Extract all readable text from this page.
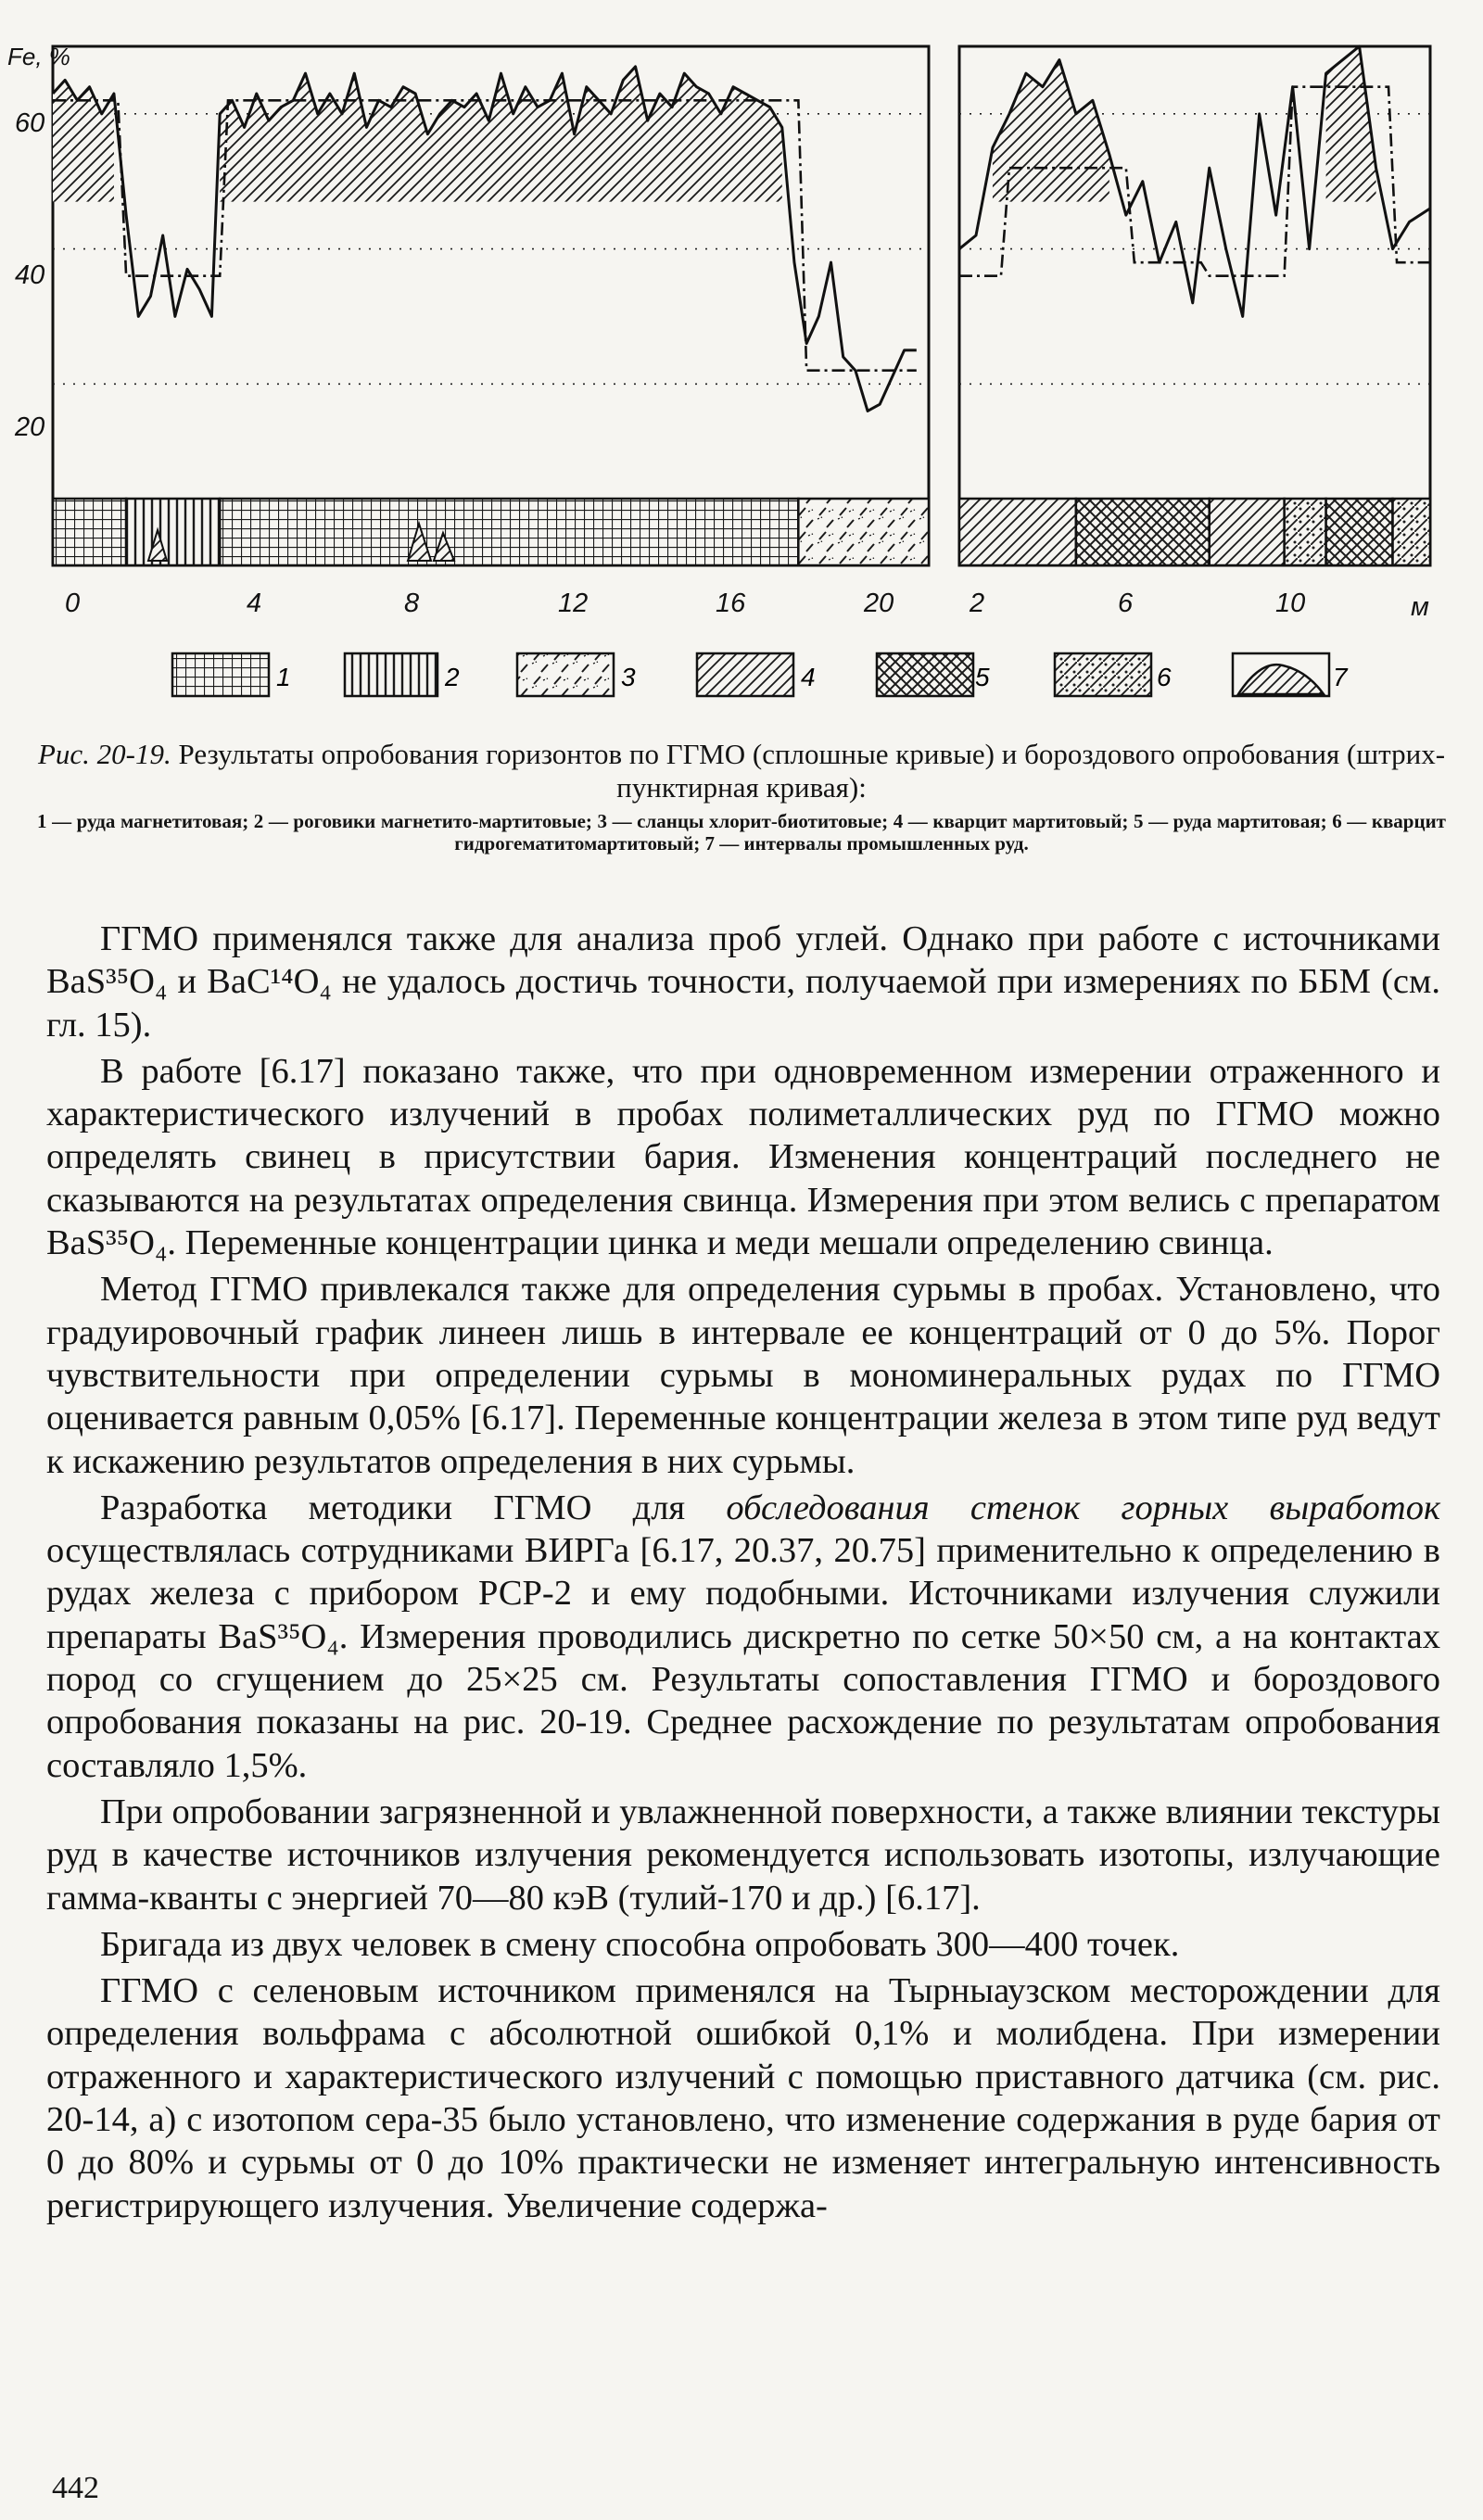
Fe, %
60
40
20
0	4	8	12	16	20	2	6	10	м
1	2	3	4	5	6	7

Рис. 20-19. Результаты опробования горизонтов по ГГМО (сплошные кривые) и бороздового опробования (штрих-пунктирная кривая):

1 — руда магнетитовая; 2 — роговики магнетито-мартитовые; 3 — сланцы хлорит-биотитовые; 4 — кварцит мартитовый; 5 — руда мартитовая; 6 — кварцит гидрогематитомартитовый; 7 — интервалы промышленных руд.

ГГМО применялся также для анализа проб углей. Однако при работе с источниками BaS³⁵O₄ и BaC¹⁴O₄ не удалось достичь точности, получаемой при измерениях по ББМ (см. гл. 15).

В работе [6.17] показано также, что при одновременном измерении отраженного и характеристического излучений в пробах полиметаллических руд по ГГМО можно определять свинец в присутствии бария. Изменения концентраций последнего не сказываются на результатах определения свинца. Измерения при этом велись с препаратом BaS³⁵O₄. Переменные концентрации цинка и меди мешали определению свинца.

Метод ГГМО привлекался также для определения сурьмы в пробах. Установлено, что градуировочный график линеен лишь в интервале ее концентраций от 0 до 5%. Порог чувствительности при определении сурьмы в мономинеральных рудах по ГГМО оценивается равным 0,05% [6.17]. Переменные концентрации железа в этом типе руд ведут к искажению результатов определения в них сурьмы.

Разработка методики ГГМО для обследования стенок горных выработок осуществлялась сотрудниками ВИРГа [6.17, 20.37, 20.75] применительно к определению в рудах железа с прибором РСР-2 и ему подобными. Источниками излучения служили препараты BaS³⁵O₄. Измерения проводились дискретно по сетке 50×50 см, а на контактах пород со сгущением до 25×25 см. Результаты сопоставления ГГМО и бороздового опробования показаны на рис. 20-19. Среднее расхождение по результатам опробования составляло 1,5%.

При опробовании загрязненной и увлажненной поверхности, а также влиянии текстуры руд в качестве источников излучения рекомендуется использовать изотопы, излучающие гамма-кванты с энергией 70—80 кэВ (тулий-170 и др.) [6.17].

Бригада из двух человек в смену способна опробовать 300—400 точек.

ГГМО с селеновым источником применялся на Тырныаузском месторождении для определения вольфрама с абсолютной ошибкой 0,1% и молибдена. При измерении отраженного и характеристического излучений с помощью приставного датчика (см. рис. 20-14, а) с изотопом сера-35 было установлено, что изменение содержания в руде бария от 0 до 80% и сурьмы от 0 до 10% практически не изменяет интегральную интенсивность регистрирующего излучения. Увеличение содержа-

442
